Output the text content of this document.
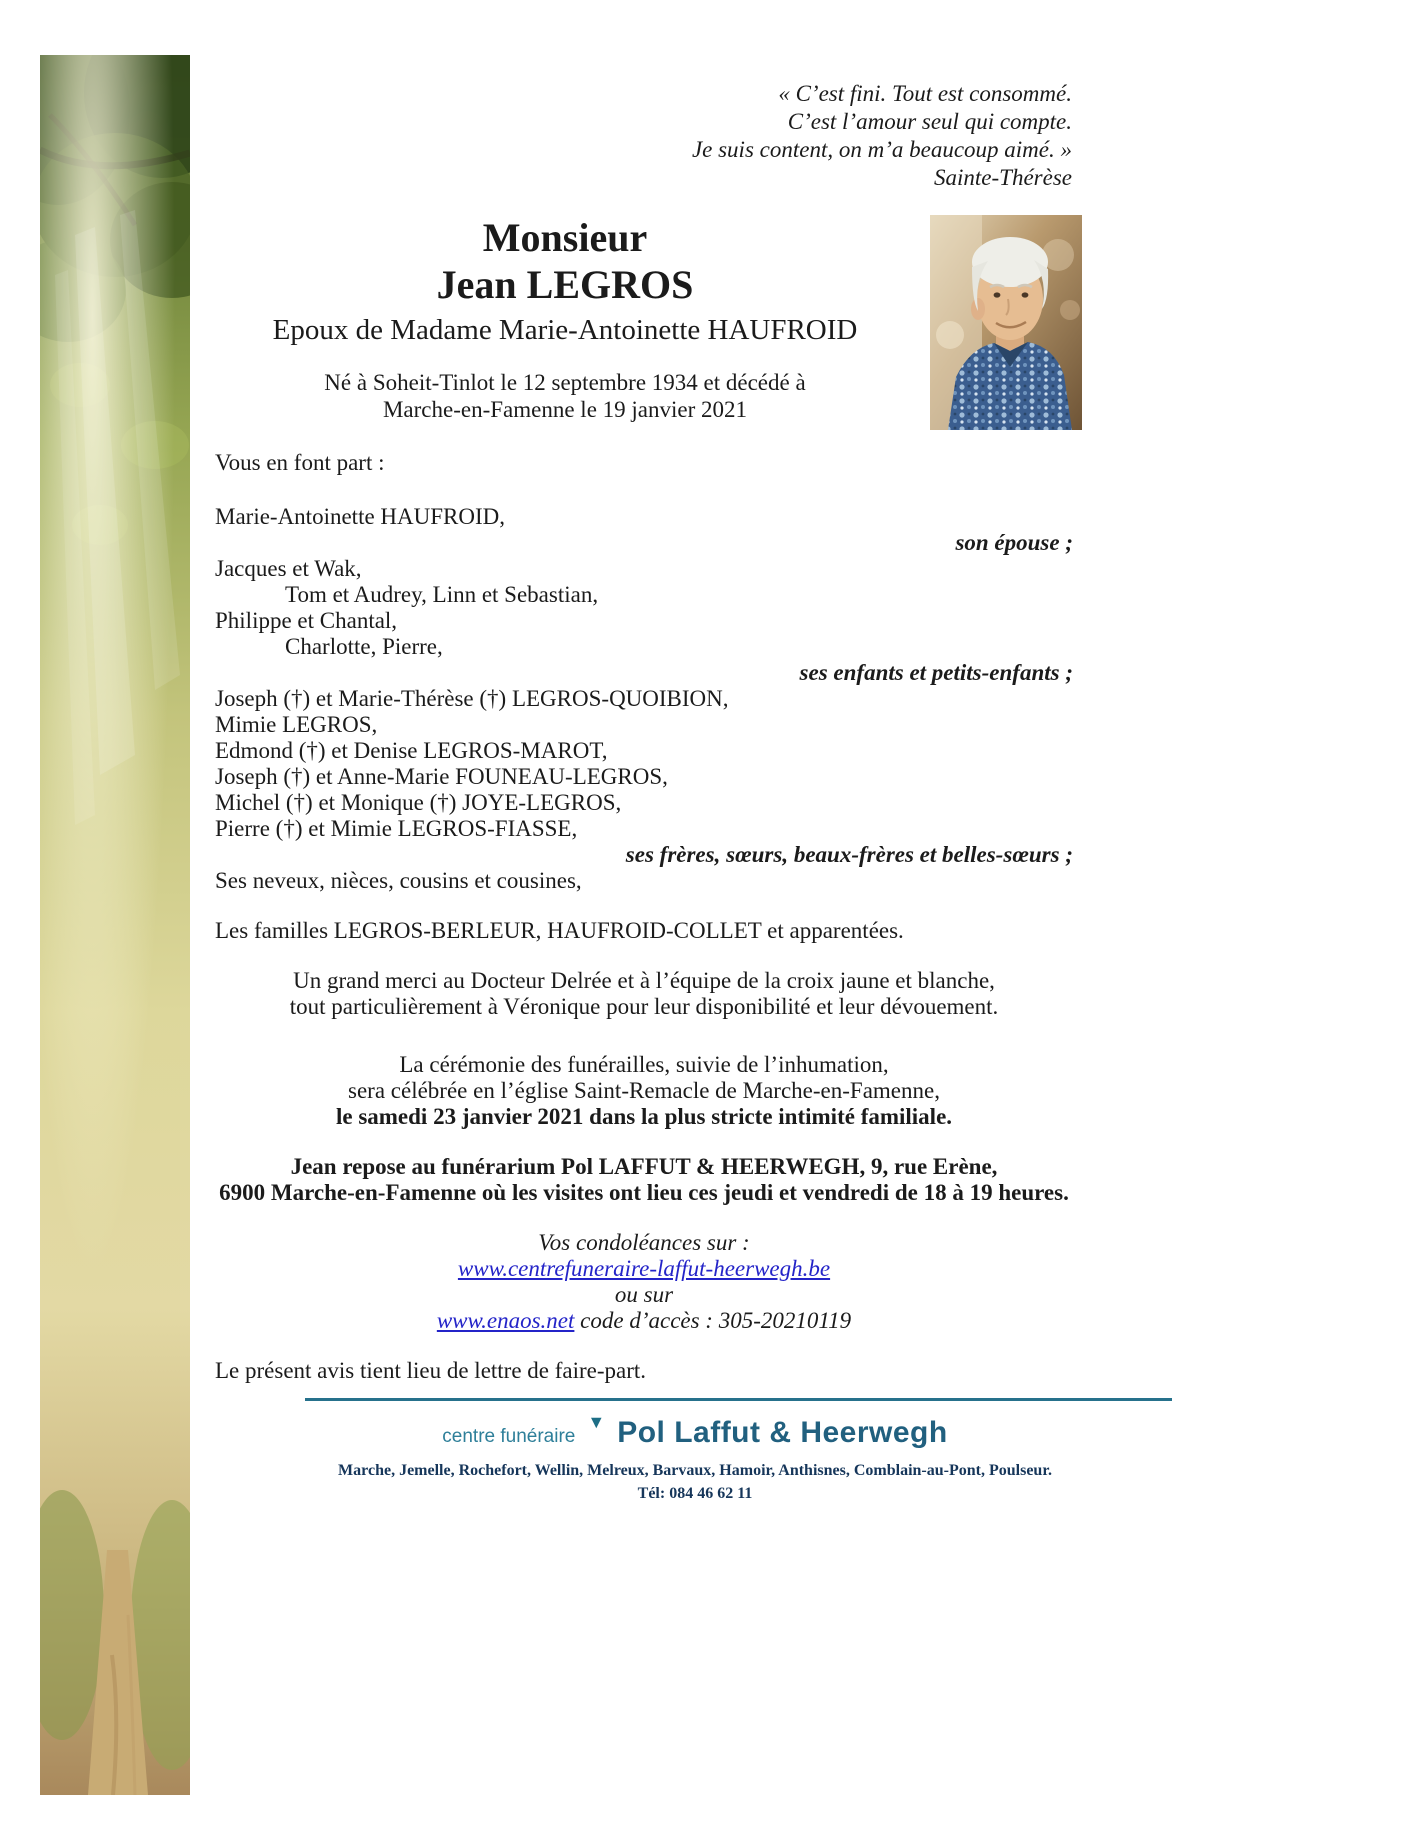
« C’est fini. Tout est consommé.
C’est l’amour seul qui compte.
Je suis content, on m’a beaucoup aimé. »
Sainte-Thérèse
Monsieur
Jean LEGROS
Epoux de Madame Marie-Antoinette HAUFROID
Né à Soheit-Tinlot le 12 septembre 1934 et décédé à
Marche-en-Famenne le 19 janvier 2021
Vous en font part :
Marie-Antoinette HAUFROID,
son épouse ;
Jacques et Wak,
Tom et Audrey, Linn et Sebastian,
Philippe et Chantal,
Charlotte, Pierre,
ses enfants et petits-enfants ;
Joseph (†) et Marie-Thérèse (†) LEGROS-QUOIBION,
Mimie LEGROS,
Edmond (†) et Denise LEGROS-MAROT,
Joseph (†) et Anne-Marie FOUNEAU-LEGROS,
Michel (†) et Monique (†) JOYE-LEGROS,
Pierre (†) et Mimie LEGROS-FIASSE,
ses frères, sœurs, beaux-frères et belles-sœurs ;
Ses neveux, nièces, cousins et cousines,
Les familles LEGROS-BERLEUR, HAUFROID-COLLET et apparentées.
Un grand merci au Docteur Delrée et à l’équipe de la croix jaune et blanche,
tout particulièrement à Véronique pour leur disponibilité et leur dévouement.
La cérémonie des funérailles, suivie de l’inhumation,
sera célébrée en l’église Saint-Remacle de Marche-en-Famenne,
le samedi 23 janvier 2021 dans la plus stricte intimité familiale.
Jean repose au funérarium Pol LAFFUT & HEERWEGH, 9, rue Erène,
6900 Marche-en-Famenne où les visites ont lieu ces jeudi et vendredi de 18 à 19 heures.
Vos condoléances sur :
www.centrefuneraire-laffut-heerwegh.be
ou sur
www.enaos.net code d’accès : 305-20210119
Le présent avis tient lieu de lettre de faire-part.
centre funéraire
▼ Pol Laffut & Heerwegh
Marche, Jemelle, Rochefort, Wellin, Melreux, Barvaux, Hamoir, Anthisnes, Comblain-au-Pont, Poulseur.
Tél: 084 46 62 11
